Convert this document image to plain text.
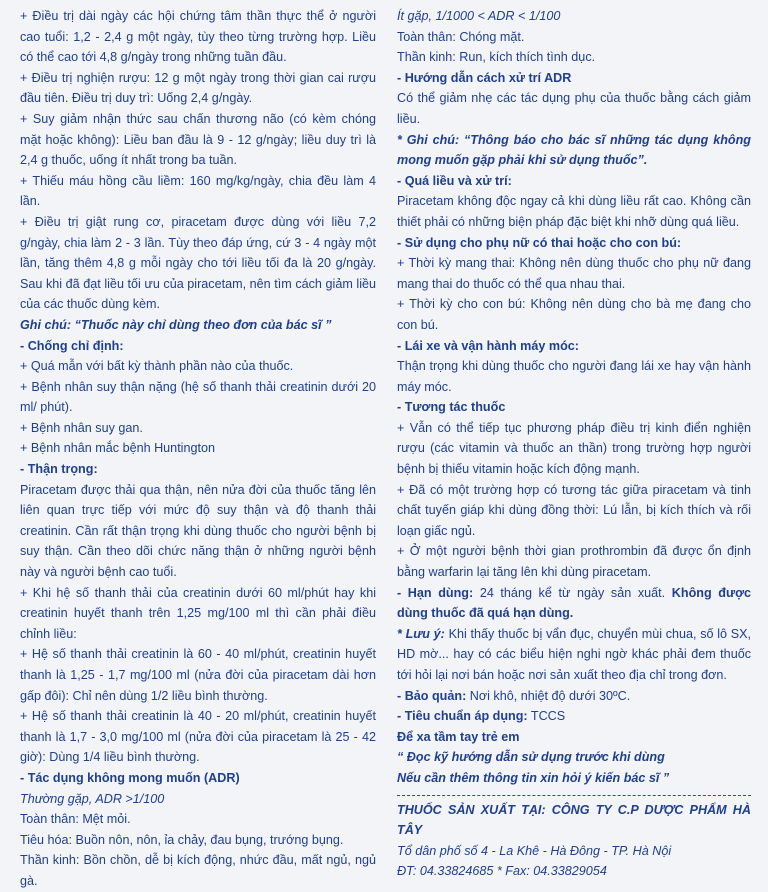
+ Điều trị dài ngày các hội chứng tâm thần thực thể ở người cao tuổi: 1,2 - 2,4 g một ngày, tùy theo từng trường hợp. Liều có thể cao tới 4,8 g/ngày trong những tuần đầu.

+ Điều trị nghiện rượu: 12 g một ngày trong thời gian cai rượu đầu tiên. Điều trị duy trì: Uống 2,4 g/ngày.

+ Suy giảm nhận thức sau chấn thương não (có kèm chóng mặt hoặc không): Liều ban đầu là 9 - 12 g/ngày; liều duy trì là 2,4 g thuốc, uống ít nhất trong ba tuần.

+ Thiếu máu hồng cầu liềm: 160 mg/kg/ngày, chia đều làm 4 lần.

+ Điều trị giật rung cơ, piracetam được dùng với liều 7,2 g/ngày, chia làm 2 - 3 lần. Tùy theo đáp ứng, cứ 3 - 4 ngày một lần, tăng thêm 4,8 g mỗi ngày cho tới liều tối đa là 20 g/ngày. Sau khi đã đạt liều tối ưu của piracetam, nên tìm cách giảm liều của các thuốc dùng kèm.

Ghi chú: “Thuốc này chỉ dùng theo đơn của bác sĩ ”

- Chống chỉ định:

+ Quá mẫn với bất kỳ thành phần nào của thuốc.

+ Bệnh nhân suy thận nặng (hệ số thanh thải creatinin dưới 20 ml/ phút).

+ Bệnh nhân suy gan.

+ Bệnh nhân mắc bệnh Huntington

- Thận trọng:

Piracetam được thải qua thận, nên nửa đời của thuốc tăng lên liên quan trực tiếp với mức độ suy thận và độ thanh thải creatinin. Cần rất thận trọng khi dùng thuốc cho người bệnh bị suy thận. Cần theo dõi chức năng thận ở những người bệnh này và người bệnh cao tuổi.

+ Khi hệ số thanh thải của creatinin dưới 60 ml/phút hay khi creatinin huyết thanh trên 1,25 mg/100 ml thì cần phải điều chỉnh liều:

+ Hệ số thanh thải creatinin là 60 - 40 ml/phút, creatinin huyết thanh là 1,25 - 1,7 mg/100 ml (nửa đời của piracetam dài hơn gấp đôi): Chỉ nên dùng 1/2 liều bình thường.

+ Hệ số thanh thải creatinin là 40 - 20 ml/phút, creatinin huyết thanh là 1,7 - 3,0 mg/100 ml (nửa đời của piracetam là 25 - 42 giờ): Dùng 1/4 liều bình thường.

- Tác dụng không mong muốn (ADR)

Thường gặp, ADR >1/100

Toàn thân: Mệt mỏi.

Tiêu hóa: Buồn nôn, nôn, ỉa chảy, đau bụng, trướng bụng.

Thần kinh: Bồn chồn, dễ bị kích động, nhức đầu, mất ngủ, ngủ gà.

Ít gặp, 1/1000 < ADR < 1/100

Toàn thân: Chóng mặt.

Thần kinh: Run, kích thích tình dục.

- Hướng dẫn cách xử trí ADR

Có thể giảm nhẹ các tác dụng phụ của thuốc bằng cách giảm liều.

* Ghi chú: “Thông báo cho bác sĩ những tác dụng không mong muốn gặp phải khi sử dụng thuốc”.

- Quá liều và xử trí:

Piracetam không độc ngay cả khi dùng liều rất cao. Không cần thiết phải có những biện pháp đặc biệt khi nhỡ dùng quá liều.

- Sử dụng cho phụ nữ có thai hoặc cho con bú:

+ Thời kỳ mang thai: Không nên dùng thuốc cho phụ nữ đang mang thai do thuốc có thể qua nhau thai.

+ Thời kỳ cho con bú: Không nên dùng cho bà mẹ đang cho con bú.

- Lái xe và vận hành máy móc:

Thận trọng khi dùng thuốc cho người đang lái xe hay vận hành máy móc.

- Tương tác thuốc

+ Vẫn có thể tiếp tục phương pháp điều trị kinh điển nghiện rượu (các vitamin và thuốc an thần) trong trường hợp người bệnh bị thiếu vitamin hoặc kích động mạnh.

+ Đã có một trường hợp có tương tác giữa piracetam và tinh chất tuyến giáp khi dùng đồng thời: Lú lẫn, bị kích thích và rối loạn giấc ngủ.

+ Ở một người bệnh thời gian prothrombin đã được ổn định bằng warfarin lại tăng lên khi dùng piracetam.

- Hạn dùng: 24 tháng kể từ ngày sản xuất. Không được dùng thuốc đã quá hạn dùng.

* Lưu ý: Khi thấy thuốc bị vẩn đục, chuyển mùi chua, số lô SX, HD mờ... hay có các biểu hiện nghi ngờ khác phải đem thuốc tới hỏi lại nơi bán hoặc nơi sản xuất theo địa chỉ trong đơn.

- Bảo quản: Nơi khô, nhiệt độ dưới 30ºC.

- Tiêu chuẩn áp dụng: TCCS

Để xa tầm tay trẻ em

“ Đọc kỹ hướng dẫn sử dụng trước khi dùng

Nếu cần thêm thông tin xin hỏi ý kiến bác sĩ ”

THUỐC SẢN XUẤT TẠI: CÔNG TY C.P DƯỢC PHẨM HÀ TÂY

Tổ dân phố số 4 - La Khê - Hà Đông - TP. Hà Nội

ĐT: 04.33824685 * Fax: 04.33829054
